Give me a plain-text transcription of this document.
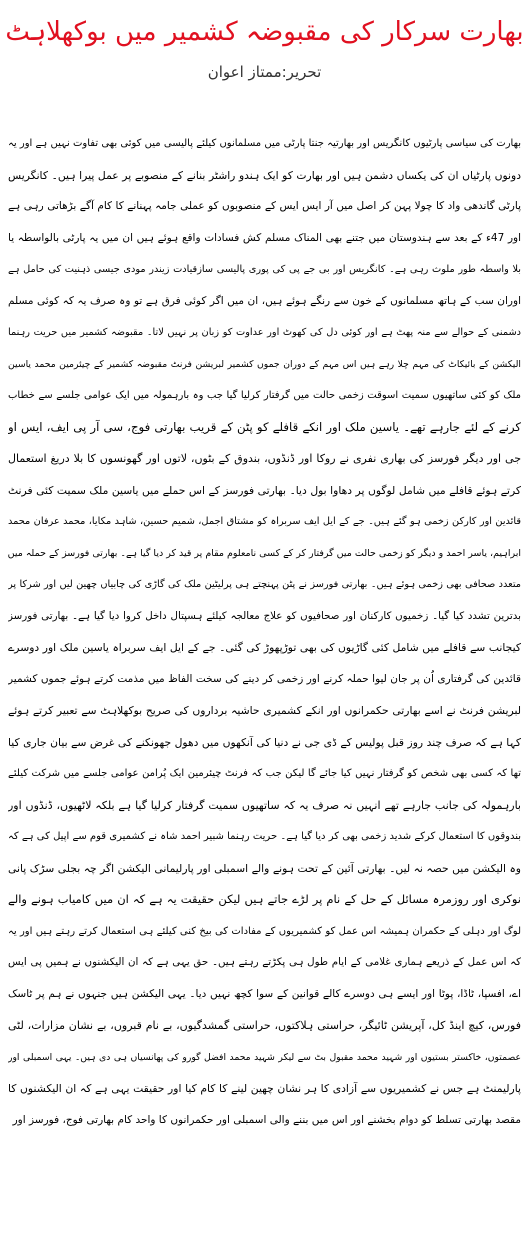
بھارت سرکار کی مقبوضہ کشمیر میں بوکھلاہٹ
تحریر:ممتاز اعوان
بھارت کی سیاسی پارٹیوں کانگریس اور بھارتیہ جنتا پارٹی میں مسلمانوں کیلئے پالیسی میں کوئی بھی تفاوت نہیں ہے اور یہ
دونوں پارٹیاں ان کی یکساں دشمن ہیں اور بھارت کو ایک ہندو راشٹر بنانے کے منصوبے پر عمل پیرا ہیں۔ کانگریس
پارٹی گاندھی واد کا چولا پہن کر اصل میں آر ایس ایس کے منصوبوں کو عملی جامہ پہنانے کا کام آگے بڑھاتی رہی ہے
اور 47ء کے بعد سے ہندوستان میں جتنے بھی المناک مسلم کش فسادات واقع ہوئے ہیں ان میں یہ پارٹی بالواسطہ یا
بلا واسطہ طور ملوث رہی ہے۔ کانگریس اور بی جے پی کی پوری پالیسی سازقیادت زیندر مودی جیسی ذہنیت کی حامل ہے
اوران سب کے ہاتھ مسلمانوں کے خون سے رنگے ہوئے ہیں، ان میں اگر کوئی فرق ہے تو وہ صرف یہ کہ کوئی مسلم
دشمنی کے حوالے سے منہ پھٹ ہے اور کوئی دل کی کھوٹ اور عداوت کو زبان پر نہیں لاتا۔ مقبوضہ کشمیر میں حریت رہنما
الیکشن کے بائیکاٹ کی مہم چلا رہے ہیں اس مہم کے دوران جموں کشمیر لبریشن فرنٹ مقبوضہ کشمیر کے چیئرمین محمد یاسین
ملک کو کئی ساتھیوں سمیت اسوقت زخمی حالت میں گرفتار کرلیا گیا جب وہ بارہمولہ میں ایک عوامی جلسے سے خطاب
کرنے کے لئے جارہے تھے۔ یاسین ملک اور انکے قافلے کو پٹن کے قریب بھارتی فوج، سی آر پی ایف، ایس او
جی اور دیگر فورسز کی بھاری نفری نے روکا اور ڈنڈوں، بندوق کے بٹوں، لاتوں اور گھونسوں کا بلا دریغ استعمال
کرتے ہوئے قافلے میں شامل لوگوں پر دھاوا بول دیا۔ بھارتی فورسز کے اس حملے میں یاسین ملک سمیت کئی فرنٹ
قائدین اور کارکن زخمی ہو گئے ہیں۔ جے کے ایل ایف سربراہ کو مشتاق اجمل، شمیم حسین، شاہد مکایا، محمد عرفان محمد
ابراہیم، یاسر احمد و دیگر کو زخمی حالت میں گرفتار کر کے کسی نامعلوم مقام پر قید کر دیا گیا ہے۔ بھارتی فورسز کے حملہ میں
متعدد صحافی بھی زخمی ہوئے ہیں۔ بھارتی فورسز نے پٹن پہنچتے ہی پرلیٹین ملک کی گاڑی کی چابیاں چھین لیں اور شرکا پر
بدترین تشدد کیا گیا۔ زخمیوں کارکنان اور صحافیوں کو علاج معالجہ کیلئے ہسپتال داخل کروا دیا گیا ہے۔ بھارتی فورسز
کیجانب سے قافلے میں شامل کئی گاڑیوں کی بھی توڑپھوڑ کی گئی۔ جے کے ایل ایف سربراہ یاسین ملک اور دوسرے
قائدین کی گرفتاری اُن پر جان لیوا حملہ کرنے اور زخمی کر دینے کی سخت الفاظ میں مذمت کرتے ہوئے جموں کشمیر
لبریشن فرنٹ نے اسے بھارتی حکمرانوں اور انکے کشمیری حاشیہ برداروں کی صریح بوکھلاہٹ سے تعبیر کرتے ہوئے
کہا ہے کہ صرف چند روز قبل پولیس کے ڈی جی نے دنیا کی آنکھوں میں دھول جھونکنے کی غرض سے بیان جاری کیا
تھا کہ کسی بھی شخص کو گرفتار نہیں کیا جائے گا لیکن جب کہ فرنٹ چیئرمین ایک پُرامن عوامی جلسے میں شرکت کیلئے
بارہمولہ کی جانب جارہے تھے انہیں نہ صرف یہ کہ ساتھیوں سمیت گرفتار کرلیا گیا ہے بلکہ لاٹھیوں، ڈنڈوں اور
بندوقوں کا استعمال کرکے شدید زخمی بھی کر دیا گیا ہے۔ حریت رہنما شبیر احمد شاہ نے کشمیری قوم سے اپیل کی ہے کہ
وہ الیکشن میں حصہ نہ لیں۔ بھارتی آئین کے تحت ہونے والے اسمبلی اور پارلیمانی الیکشن اگر چہ بجلی سڑک پانی
نوکری اور روزمرہ مسائل کے حل کے نام پر لڑے جاتے ہیں لیکن حقیقت یہ ہے کہ ان میں کامیاب ہونے والے
لوگ اور دہلی کے حکمران ہمیشہ اس عمل کو کشمیریوں کے مفادات کی بیخ کنی کیلئے ہی استعمال کرتے رہتے ہیں اور یہ
کہ اس عمل کے ذریعے ہماری غلامی کے ایام طول ہی پکڑتے رہتے ہیں۔ حق یہی ہے کہ ان الیکشنوں نے ہمیں پی ایس
اے، افسپا، ٹاڈا، پوٹا اور ایسے ہی دوسرے کالے قوانین کے سوا کچھ نہیں دیا۔ یہی الیکشن ہیں جنہوں نے ہم پر ٹاسک
فورس، کیچ اینڈ کل، آپریشن ٹائیگر، حراستی ہلاکتوں، حراستی گمشدگیوں، بے نام قبروں، بے نشان مزارات، لٹی
عصمتوں، خاکستر بستیوں اور شہید محمد مقبول بٹ سے لیکر شہید محمد افضل گورو کی پھانسیاں ہی دی ہیں۔ یہی اسمبلی اور
پارلیمنٹ ہے جس نے کشمیریوں سے آزادی کا ہر نشان چھین لینے کا کام کیا اور حقیقت یہی ہے کہ ان الیکشنوں کا
مقصد بھارتی تسلط کو دوام بخشنے اور اس میں بننے والی اسمبلی اور حکمرانوں کا واحد کام بھارتی فوج، فورسز اور
